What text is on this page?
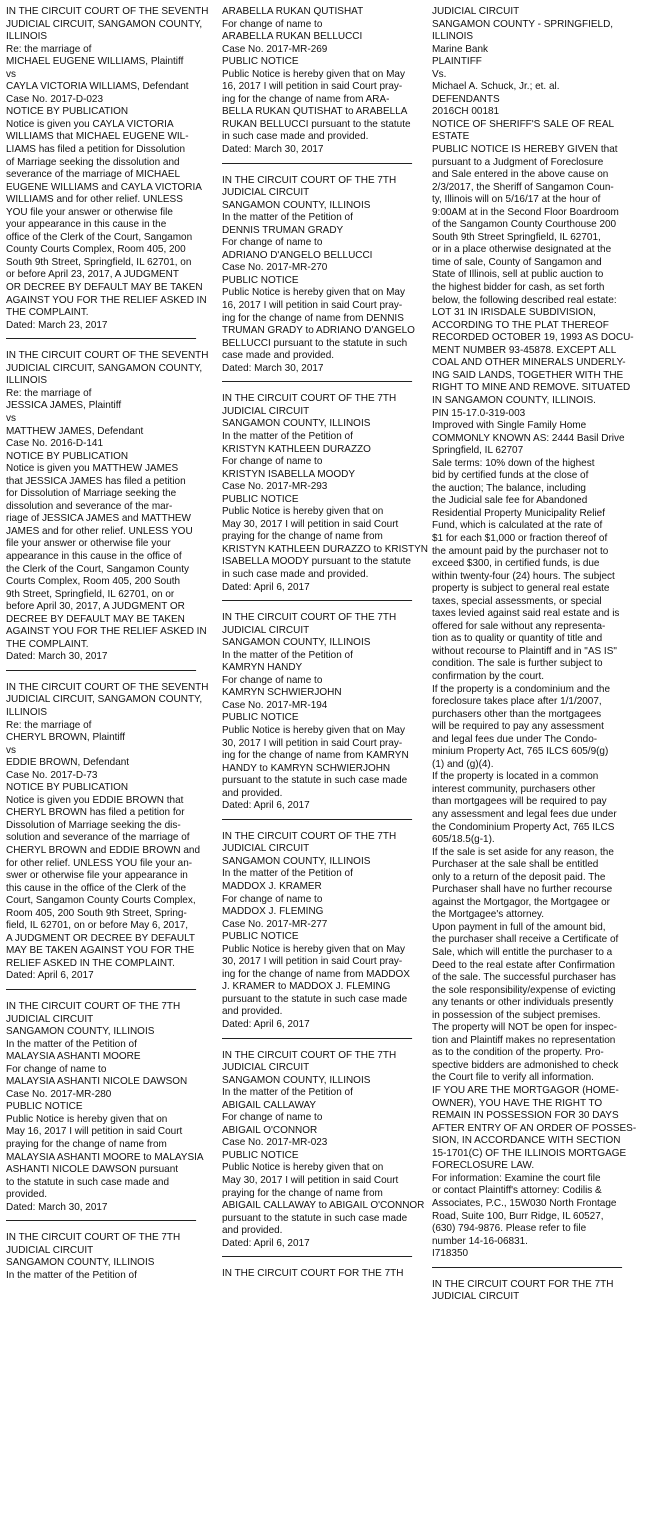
IN THE CIRCUIT COURT OF THE SEVENTH
JUDICIAL CIRCUIT, SANGAMON COUNTY,
ILLINOIS
Re: the marriage of
MICHAEL EUGENE WILLIAMS, Plaintiff
vs
CAYLA VICTORIA WILLIAMS, Defendant
Case No. 2017-D-023
NOTICE BY PUBLICATION
Notice is given you CAYLA VICTORIA
WILLIAMS that MICHAEL EUGENE WIL-
LIAMS has filed a petition for Dissolution
of Marriage seeking the dissolution and
severance of the marriage of MICHAEL
EUGENE WILLIAMS and CAYLA VICTORIA
WILLIAMS and for other relief. UNLESS
YOU file your answer or otherwise file
your appearance in this cause in the
office of the Clerk of the Court, Sangamon
County Courts Complex, Room 405, 200
South 9th Street, Springfield, IL 62701, on
or before April 23, 2017, A JUDGMENT
OR DECREE BY DEFAULT MAY BE TAKEN
AGAINST YOU FOR THE RELIEF ASKED IN
THE COMPLAINT.
Dated: March 23, 2017
IN THE CIRCUIT COURT OF THE SEVENTH
JUDICIAL CIRCUIT, SANGAMON COUNTY,
ILLINOIS
Re: the marriage of
JESSICA JAMES, Plaintiff
vs
MATTHEW JAMES, Defendant
Case No. 2016-D-141
NOTICE BY PUBLICATION
Notice is given you MATTHEW JAMES
that JESSICA JAMES has filed a petition
for Dissolution of Marriage seeking the
dissolution and severance of the mar-
riage of JESSICA JAMES and MATTHEW
JAMES and for other relief. UNLESS YOU
file your answer or otherwise file your
appearance in this cause in the office of
the Clerk of the Court, Sangamon County
Courts Complex, Room 405, 200 South
9th Street, Springfield, IL 62701, on or
before April 30, 2017, A JUDGMENT OR
DECREE BY DEFAULT MAY BE TAKEN
AGAINST YOU FOR THE RELIEF ASKED IN
THE COMPLAINT.
Dated: March 30, 2017
IN THE CIRCUIT COURT OF THE SEVENTH
JUDICIAL CIRCUIT, SANGAMON COUNTY,
ILLINOIS
Re: the marriage of
CHERYL BROWN, Plaintiff
vs
EDDIE BROWN, Defendant
Case No. 2017-D-73
NOTICE BY PUBLICATION
Notice is given you EDDIE BROWN that
CHERYL BROWN has filed a petition for
Dissolution of Marriage seeking the dis-
solution and severance of the marriage of
CHERYL BROWN and EDDIE BROWN and
for other relief. UNLESS YOU file your an-
swer or otherwise file your appearance in
this cause in the office of the Clerk of the
Court, Sangamon County Courts Complex,
Room 405, 200 South 9th Street, Spring-
field, IL 62701, on or before May 6, 2017,
A JUDGMENT OR DECREE BY DEFAULT
MAY BE TAKEN AGAINST YOU FOR THE
RELIEF ASKED IN THE COMPLAINT.
Dated: April 6, 2017
IN THE CIRCUIT COURT OF THE 7TH
JUDICIAL CIRCUIT
SANGAMON COUNTY, ILLINOIS
In the matter of the Petition of
MALAYSIA ASHANTI MOORE
For change of name to
MALAYSIA ASHANTI NICOLE DAWSON
Case No. 2017-MR-280
PUBLIC NOTICE
Public Notice is hereby given that on
May 16, 2017 I will petition in said Court
praying for the change of name from
MALAYSIA ASHANTI MOORE to MALAYSIA
ASHANTI NICOLE DAWSON pursuant
to the statute in such case made and
provided.
Dated: March 30, 2017
IN THE CIRCUIT COURT OF THE 7TH
JUDICIAL CIRCUIT
SANGAMON COUNTY, ILLINOIS
In the matter of the Petition of
ARABELLA RUKAN QUTISHAT
For change of name to
ARABELLA RUKAN BELLUCCI
Case No. 2017-MR-269
PUBLIC NOTICE
Public Notice is hereby given that on May
16, 2017 I will petition in said Court pray-
ing for the change of name from ARA-
BELLA RUKAN QUTISHAT to ARABELLA
RUKAN BELLUCCI pursuant to the statute
in such case made and provided.
Dated: March 30, 2017
IN THE CIRCUIT COURT OF THE 7TH
JUDICIAL CIRCUIT
SANGAMON COUNTY, ILLINOIS
In the matter of the Petition of
DENNIS TRUMAN GRADY
For change of name to
ADRIANO D'ANGELO BELLUCCI
Case No. 2017-MR-270
PUBLIC NOTICE
Public Notice is hereby given that on May
16, 2017 I will petition in said Court pray-
ing for the change of name from DENNIS
TRUMAN GRADY to ADRIANO D'ANGELO
BELLUCCI pursuant to the statute in such
case made and provided.
Dated: March 30, 2017
IN THE CIRCUIT COURT OF THE 7TH
JUDICIAL CIRCUIT
SANGAMON COUNTY, ILLINOIS
In the matter of the Petition of
KRISTYN KATHLEEN DURAZZO
For change of name to
KRISTYN ISABELLA MOODY
Case No. 2017-MR-293
PUBLIC NOTICE
Public Notice is hereby given that on
May 30, 2017 I will petition in said Court
praying for the change of name from
KRISTYN KATHLEEN DURAZZO to KRISTYN
ISABELLA MOODY pursuant to the statute
in such case made and provided.
Dated: April 6, 2017
IN THE CIRCUIT COURT OF THE 7TH
JUDICIAL CIRCUIT
SANGAMON COUNTY, ILLINOIS
In the matter of the Petition of
KAMRYN HANDY
For change of name to
KAMRYN SCHWIERJOHN
Case No. 2017-MR-194
PUBLIC NOTICE
Public Notice is hereby given that on May
30, 2017 I will petition in said Court pray-
ing for the change of name from KAMRYN
HANDY to KAMRYN SCHWIERJOHN
pursuant to the statute in such case made
and provided.
Dated: April 6, 2017
IN THE CIRCUIT COURT OF THE 7TH
JUDICIAL CIRCUIT
SANGAMON COUNTY, ILLINOIS
In the matter of the Petition of
MADDOX J. KRAMER
For change of name to
MADDOX J. FLEMING
Case No. 2017-MR-277
PUBLIC NOTICE
Public Notice is hereby given that on May
30, 2017 I will petition in said Court pray-
ing for the change of name from MADDOX
J. KRAMER to MADDOX J. FLEMING
pursuant to the statute in such case made
and provided.
Dated: April 6, 2017
IN THE CIRCUIT COURT OF THE 7TH
JUDICIAL CIRCUIT
SANGAMON COUNTY, ILLINOIS
In the matter of the Petition of
ABIGAIL CALLAWAY
For change of name to
ABIGAIL O'CONNOR
Case No. 2017-MR-023
PUBLIC NOTICE
Public Notice is hereby given that on
May 30, 2017 I will petition in said Court
praying for the change of name from
ABIGAIL CALLAWAY to ABIGAIL O'CONNOR
pursuant to the statute in such case made
and provided.
Dated: April 6, 2017
IN THE CIRCUIT COURT FOR THE 7TH
JUDICIAL CIRCUIT
SANGAMON COUNTY - SPRINGFIELD,
ILLINOIS
Marine Bank
PLAINTIFF
Vs.
Michael A. Schuck, Jr.; et. al.
DEFENDANTS
2016CH 00181
NOTICE OF SHERIFF'S SALE OF REAL
ESTATE
PUBLIC NOTICE IS HEREBY GIVEN that
pursuant to a Judgment of Foreclosure
and Sale entered in the above cause on
2/3/2017, the Sheriff of Sangamon Coun-
ty, Illinois will on 5/16/17 at the hour of
9:00AM at in the Second Floor Boardroom
of the Sangamon County Courthouse 200
South 9th Street Springfield, IL 62701,
or in a place otherwise designated at the
time of sale, County of Sangamon and
State of Illinois, sell at public auction to
the highest bidder for cash, as set forth
below, the following described real estate:
LOT 31 IN IRISDALE SUBDIVISION,
ACCORDING TO THE PLAT THEREOF
RECORDED OCTOBER 19, 1993 AS DOCU-
MENT NUMBER 93-45878. EXCEPT ALL
COAL AND OTHER MINERALS UNDERLY-
ING SAID LANDS, TOGETHER WITH THE
RIGHT TO MINE AND REMOVE. SITUATED
IN SANGAMON COUNTY, ILLINOIS.
PIN 15-17.0-319-003
Improved with Single Family Home
COMMONLY KNOWN AS: 2444 Basil Drive
Springfield, IL 62707
Sale terms: 10% down of the highest
bid by certified funds at the close of
the auction; The balance, including
the Judicial sale fee for Abandoned
Residential Property Municipality Relief
Fund, which is calculated at the rate of
$1 for each $1,000 or fraction thereof of
the amount paid by the purchaser not to
exceed $300, in certified funds, is due
within twenty-four (24) hours. The subject
property is subject to general real estate
taxes, special assessments, or special
taxes levied against said real estate and is
offered for sale without any representa-
tion as to quality or quantity of title and
without recourse to Plaintiff and in "AS IS"
condition. The sale is further subject to
confirmation by the court.
If the property is a condominium and the
foreclosure takes place after 1/1/2007,
purchasers other than the mortgagees
will be required to pay any assessment
and legal fees due under The Condo-
minium Property Act, 765 ILCS 605/9(g)
(1) and (g)(4).
If the property is located in a common
interest community, purchasers other
than mortgagees will be required to pay
any assessment and legal fees due under
the Condominium Property Act, 765 ILCS
605/18.5(g-1).
If the sale is set aside for any reason, the
Purchaser at the sale shall be entitled
only to a return of the deposit paid. The
Purchaser shall have no further recourse
against the Mortgagor, the Mortgagee or
the Mortgagee's attorney.
Upon payment in full of the amount bid,
the purchaser shall receive a Certificate of
Sale, which will entitle the purchaser to a
Deed to the real estate after Confirmation
of the sale. The successful purchaser has
the sole responsibility/expense of evicting
any tenants or other individuals presently
in possession of the subject premises.
The property will NOT be open for inspec-
tion and Plaintiff makes no representation
as to the condition of the property. Pro-
spective bidders are admonished to check
the Court file to verify all information.
IF YOU ARE THE MORTGAGOR (HOME-
OWNER), YOU HAVE THE RIGHT TO
REMAIN IN POSSESSION FOR 30 DAYS
AFTER ENTRY OF AN ORDER OF POSSES-
SION, IN ACCORDANCE WITH SECTION
15-1701(C) OF THE ILLINOIS MORTGAGE
FORECLOSURE LAW.
For information: Examine the court file
or contact Plaintiff's attorney: Codilis &
Associates, P.C., 15W030 North Frontage
Road, Suite 100, Burr Ridge, IL 60527,
(630) 794-9876. Please refer to file
number 14-16-06831.
I718350
IN THE CIRCUIT COURT FOR THE 7TH
JUDICIAL CIRCUIT
